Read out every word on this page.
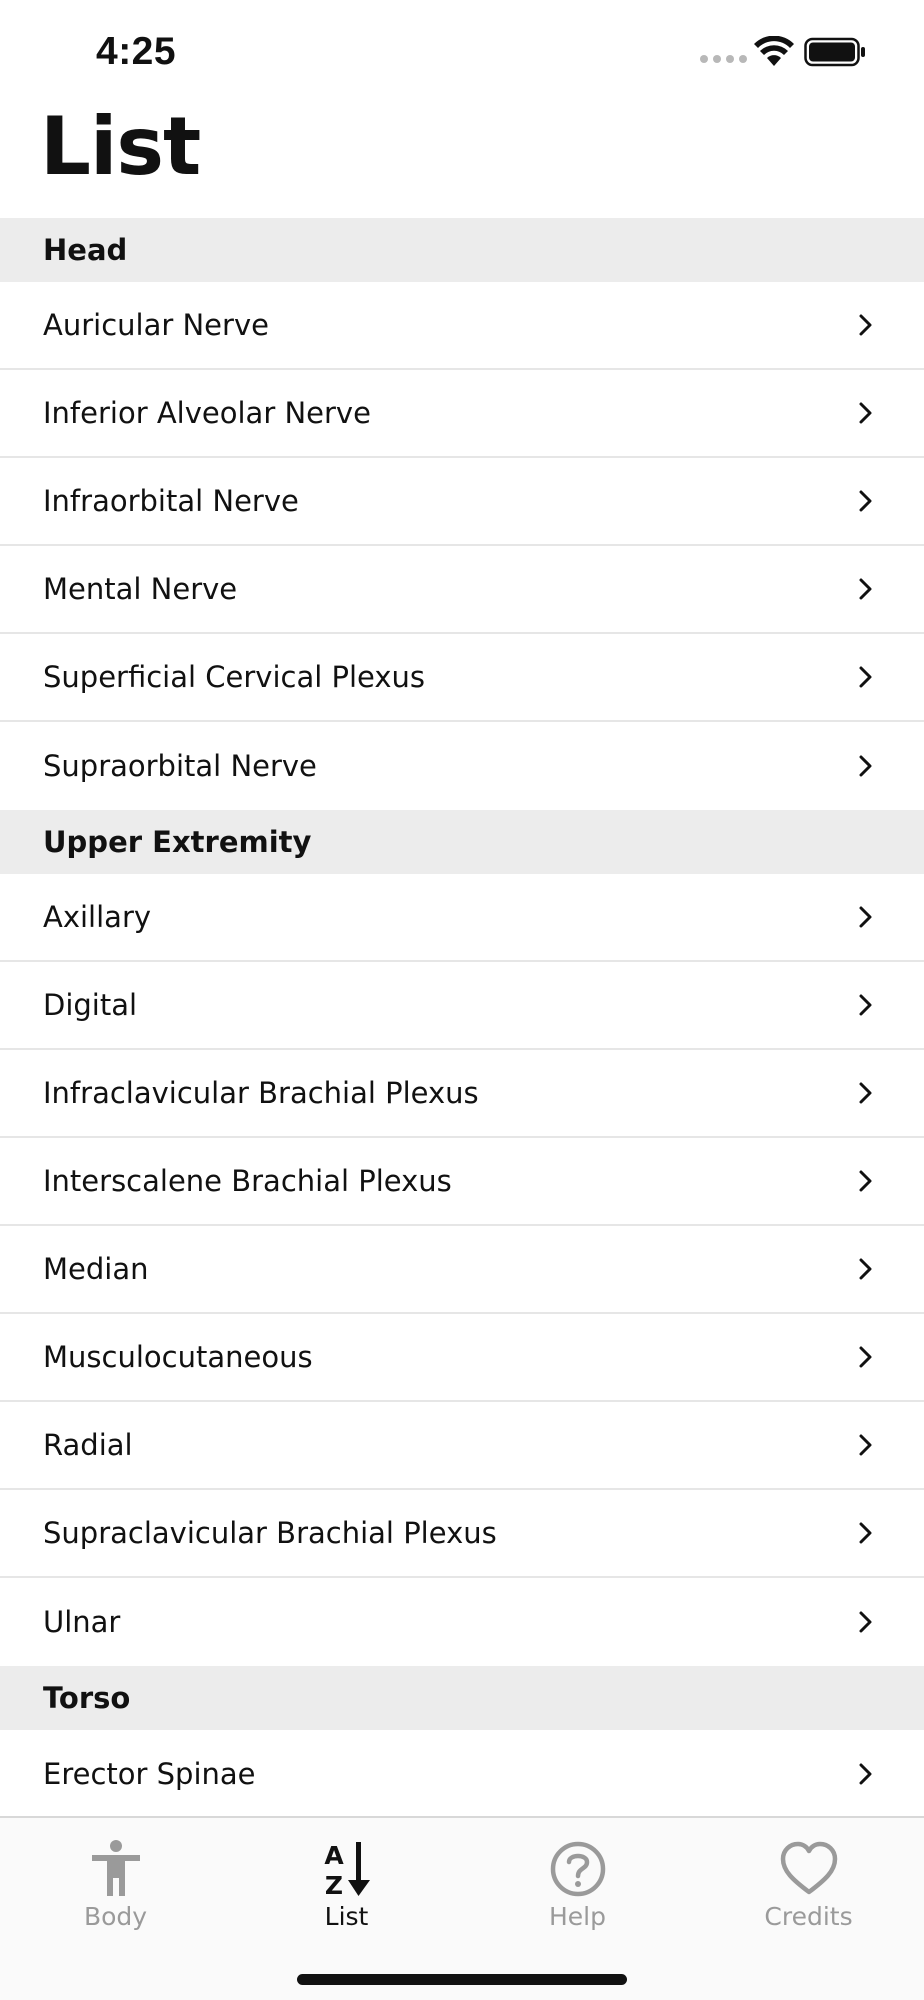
4:25
List
Head
Auricular Nerve
Inferior Alveolar Nerve
Infraorbital Nerve
Mental Nerve
Superficial Cervical Plexus
Supraorbital Nerve
Upper Extremity
Axillary
Digital
Infraclavicular Brachial Plexus
Interscalene Brachial Plexus
Median
Musculocutaneous
Radial
Supraclavicular Brachial Plexus
Ulnar
Torso
Erector Spinae
Body
A
Z
List	Help	Credits
